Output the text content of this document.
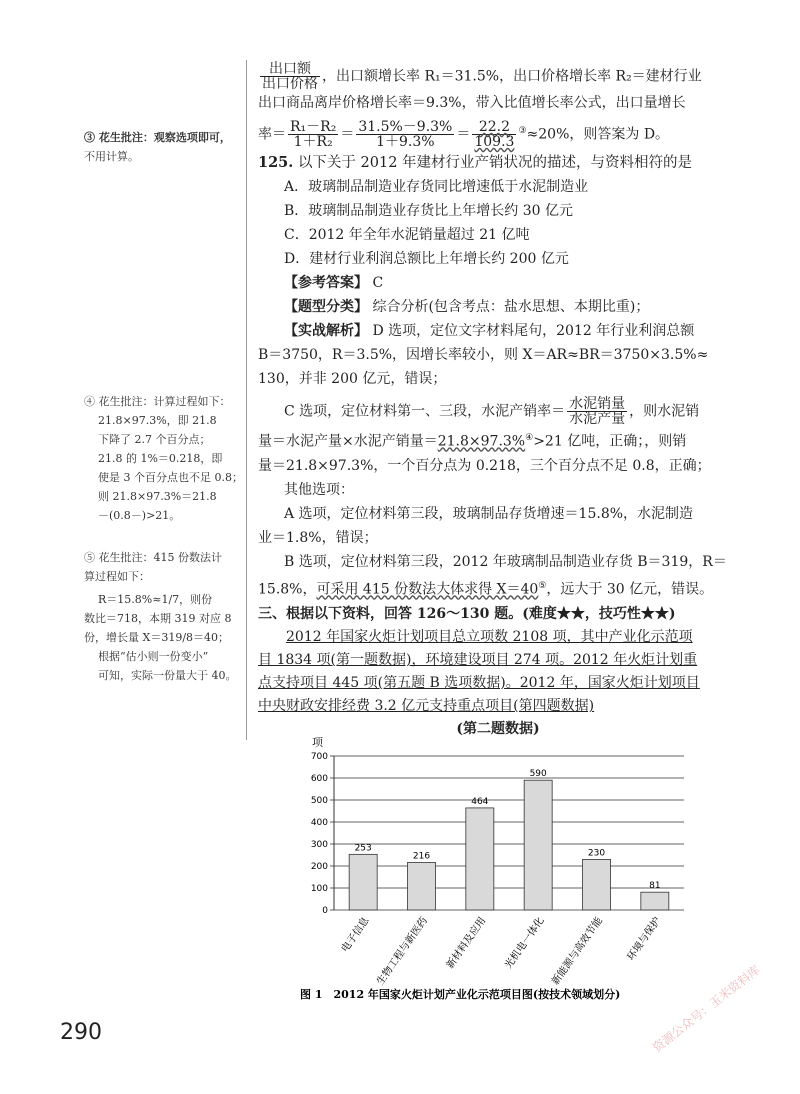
③ 花生批注：观察选项即可，

不用计算。

④ 花生批注：计算过程如下：

21.8×97.3%，即 21.8

下降了 2.7 个百分点；

21.8 的 1%＝0.218，即

使是 3 个百分点也不足 0.8；

则 21.8×97.3%＝21.8

－(0.8－)>21。

⑤ 花生批注：415 份数法计

算过程如下：

R＝15.8%≈1/7，则份

数比＝718，本期 319 对应 8

份，增长量 X＝319/8＝40；

根据“估小则一份变小”

可知，实际一份量大于 40。

$\frac{\text{出口额}}{\text{出口价格}}$ ，出口额增长率 R₁＝31.5%，出口价格增长率 R₂＝建材行业
出口商品离岸价格增长率＝9.3%，带入比值增长率公式，出口量增长
率＝ $\frac{\text{R₁－R₂}}{\text{1＋R₂}} = \frac{31.5\%-9.3\%}{1+9.3\%} = \frac{22.2}{109.3} ^③\approx 20\%$，则答案为 D。
125. 以下关于 2012 年建材行业产销状况的描述，与资料相符的是
A．玻璃制品制造业存货同比增速低于水泥制造业
B．玻璃制品制造业存货比上年增长约 30 亿元
C．2012 年全年水泥销量超过 21 亿吨
D．建材行业利润总额比上年增长约 200 亿元
【参考答案】 C
【题型分类】 综合分析(包含考点：盐水思想、本期比重)；
【实战解析】 D 选项，定位文字材料尾句，2012 年行业利润总额
B＝3750，R＝3.5%，因增长率较小，则 X＝AR≈BR＝3750×3.5%≈
130，并非 200 亿元，错误；
C 选项，定位材料第一、三段，水泥产销率＝ $\frac{\text{水泥销量}}{\text{水泥产量}}$ ，则水泥销
量＝水泥产量×水泥产销量＝21.8×97.3%④>21 亿吨，正确；，则销
量＝21.8×97.3%，一个百分点为 0.218，三个百分点不足 0.8，正确；
其他选项：
A 选项，定位材料第三段，玻璃制品存货增速＝15.8%，水泥制造
业＝1.8%，错误；
B 选项，定位材料第三段，2012 年玻璃制品制造业存货 B＝319，R＝
15.8%，可采用 415 份数法大体求得 X＝40⑤，远大于 30 亿元，错误。
三、根据以下资料，回答 126～130 题。(难度★★，技巧性★★)
2012 年国家火炬计划项目总立项数 2108 项，其中产业化示范项
目 1834 项(第一题数据)，环境建设项目 274 项。2012 年火炬计划重
点支持项目 445 项(第五题 B 选项数据)。2012 年，国家火炬计划项目
中央财政安排经费 3.2 亿元支持重点项目(第四题数据)
(第二题数据)
项
0
100
200
300
400
500
600
700
253
电子信息
216
生物工程与新医药
464
新材料及应用
590
光机电一体化
230
新能源与高效节能
81
环境与保护
图 1　2012 年国家火炬计划产业化示范项目图(按技术领域划分)
290	资源公众号：玉米资料库
